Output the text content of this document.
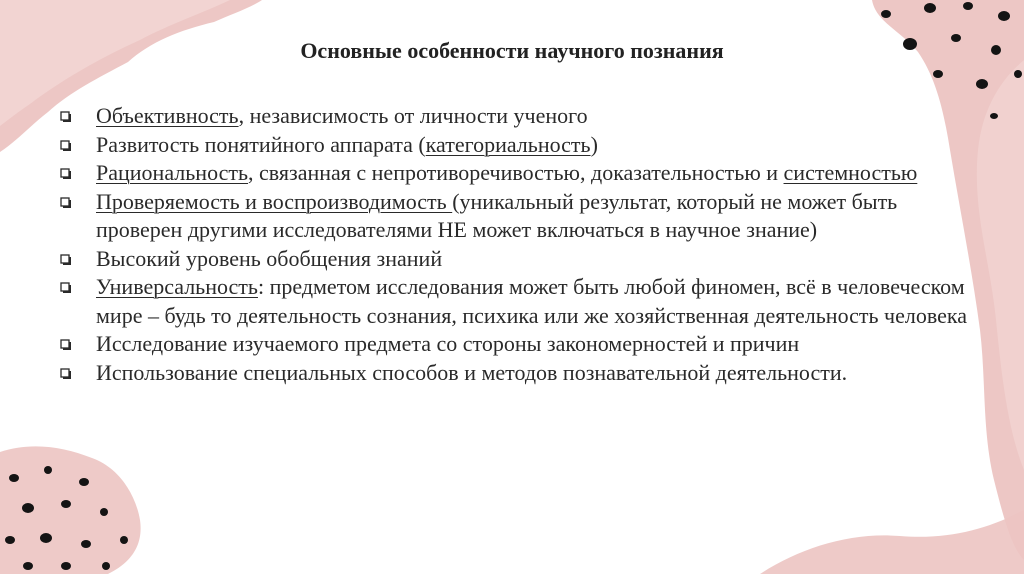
Основные особенности научного познания
Объективность, независимость от личности ученого
Развитость понятийного аппарата (категориальность)
Рациональность, связанная с непротиворечивостью, доказательностью и системностью
Проверяемость и воспроизводимость (уникальный результат, который не может быть проверен другими исследователями НЕ может включаться в научное знание)
Высокий уровень обобщения знаний
Универсальность: предметом исследования может быть любой финомен, всё в человеческом мире – будь то деятельность сознания, психика или же хозяйственная деятельность человека
Исследование изучаемого предмета со стороны закономерностей и причин
Использование специальных способов и методов познавательной деятельности.
